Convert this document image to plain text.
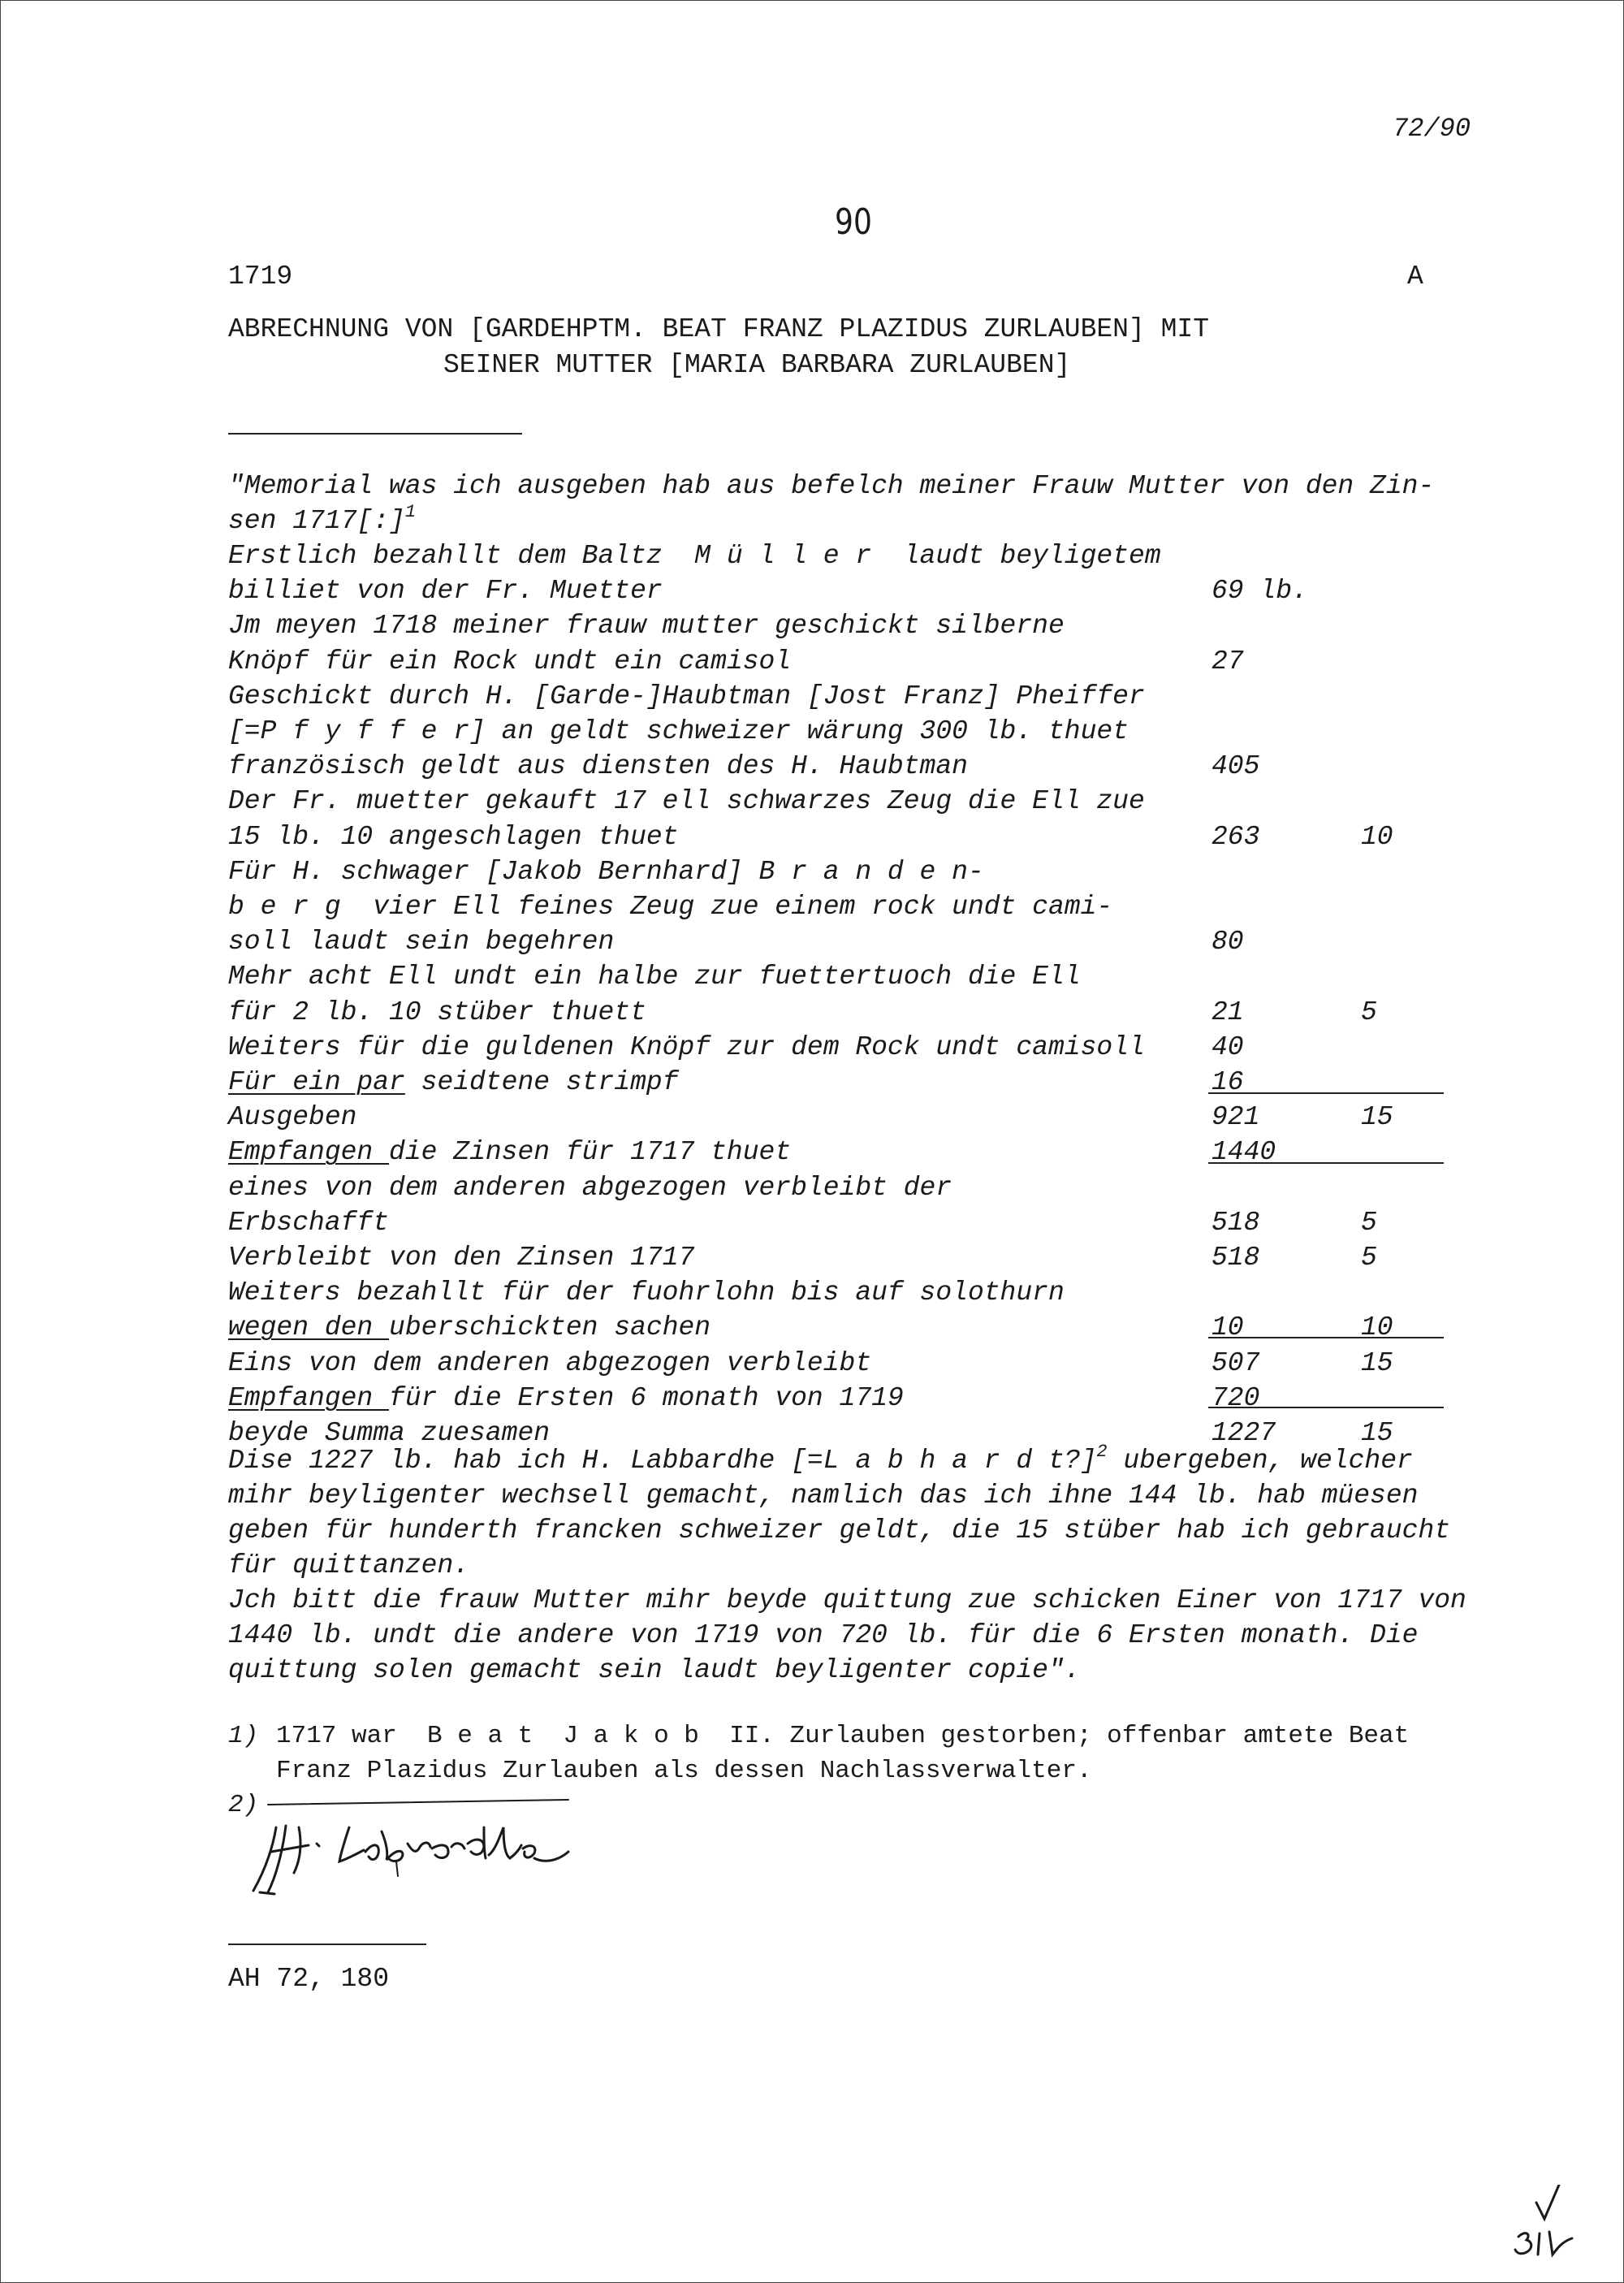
72/90
90
1719	A
ABRECHNUNG VON [GARDEHPTM. BEAT FRANZ PLAZIDUS ZURLAUBEN] MIT
SEINER MUTTER [MARIA BARBARA ZURLAUBEN]
"Memorial was ich ausgeben hab aus befelch meiner Frauw Mutter von den Zin-
sen 1717[:]$^1$
Erstlich bezahllt dem Baltz  M ü l l e r  laudt beyligetem
billiet von der Fr. Muetter	69 lb.
Jm meyen 1718 meiner frauw mutter geschickt silberne
Knöpf für ein Rock undt ein camisol	27
Geschickt durch H. [Garde-]Haubtman [Jost Franz] Pheiffer
[=P f y f f e r] an geldt schweizer wärung 300 lb. thuet
französisch geldt aus diensten des H. Haubtman	405
Der Fr. muetter gekauft 17 ell schwarzes Zeug die Ell zue
15 lb. 10 angeschlagen thuet	263	10
Für H. schwager [Jakob Bernhard] B r a n d e n-
b e r g  vier Ell feines Zeug zue einem rock undt cami-
soll laudt sein begehren	80
Mehr acht Ell undt ein halbe zur fuettertuoch die Ell
für 2 lb. 10 stüber thuett	21	5
Weiters für die guldenen Knöpf zur dem Rock undt camisoll 40
Für ein par seidtene strimpf	16
Ausgeben	921	15
Empfangen die Zinsen für 1717 thuet	1440
eines von dem anderen abgezogen verbleibt der
Erbschafft	518	5
Verbleibt von den Zinsen 1717	518	5
Weiters bezahllt für der fuohrlohn bis auf solothurn
wegen den uberschickten sachen	10	10
Eins von dem anderen abgezogen verbleibt	507	15
Empfangen für die Ersten 6 monath von 1719	720
beyde Summa zuesamen	1227	15
Dise 1227 lb. hab ich H. Labbardhe [=L a b h a r d t?]$^2$ ubergeben, welcher
mihr beyligenter wechsell gemacht, namlich das ich ihne 144 lb. hab müesen
geben für hunderth francken schweizer geldt, die 15 stüber hab ich gebraucht
für quittanzen.
Jch bitt die frauw Mutter mihr beyde quittung zue schicken Einer von 1717 von
1440 lb. undt die andere von 1719 von 720 lb. für die 6 Ersten monath. Die
quittung solen gemacht sein laudt beyligenter copie".
1) 1717 war  B e a t  J a k o b  II. Zurlauben gestorben; offenbar amtete Beat
Franz Plazidus Zurlauben als dessen Nachlassverwalter.
2)
AH 72, 180
